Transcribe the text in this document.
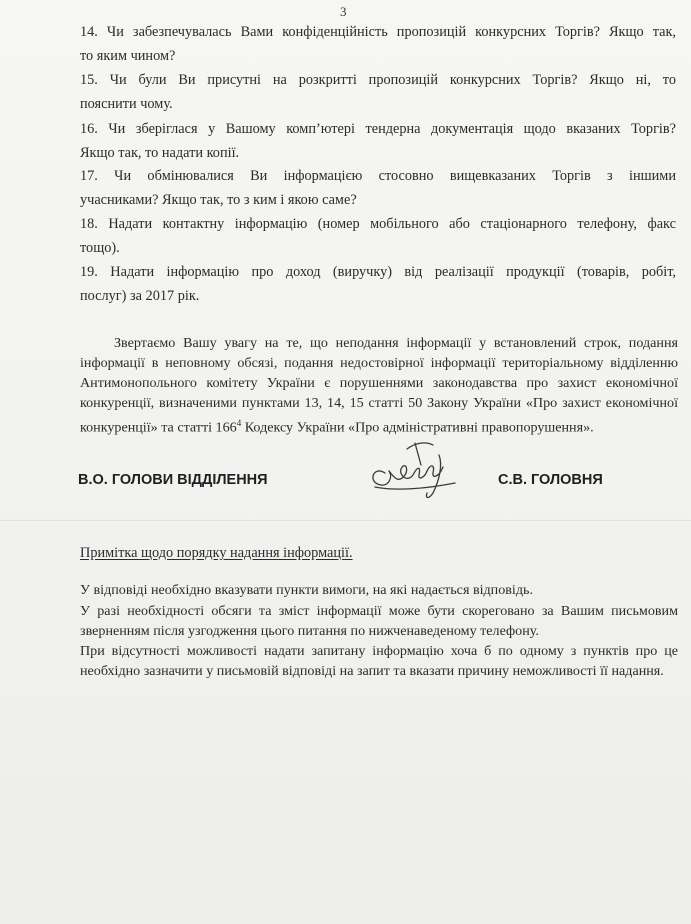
3
14. Чи забезпечувалась Вами конфіденційність пропозицій конкурсних Торгів? Якщо так,
то яким чином?
15. Чи були Ви присутні на розкритті пропозицій конкурсних Торгів? Якщо ні, то
пояснити чому.
16. Чи зберіглася у Вашому комп’ютері тендерна документація щодо вказаних Торгів?
Якщо так, то надати копії.
17. Чи обмінювалися Ви інформацією стосовно вищевказаних Торгів з іншими
учасниками? Якщо так, то з ким і якою саме?
18. Надати контактну інформацію (номер мобільного або стаціонарного телефону, факс
тощо).
19. Надати інформацію про доход (виручку) від реалізації продукції (товарів, робіт,
послуг) за 2017 рік.
Звертаємо Вашу увагу на те, що неподання інформації у встановлений строк, подання інформації в неповному обсязі, подання недостовірної інформації територіальному відділенню Антимонопольного комітету України є порушеннями законодавства про захист економічної конкуренції, визначеними пунктами 13, 14, 15 статті 50 Закону України «Про захист економічної конкуренції» та статті $166^4$ Кодексу України «Про адміністративні правопорушення».
В.О. ГОЛОВИ ВІДДІЛЕННЯ	С.В. ГОЛОВНЯ
Примітка щодо порядку надання інформації.
У відповіді необхідно вказувати пункти вимоги, на які надається відповідь.
У разі необхідності обсяги та зміст інформації може бути скореговано за Вашим письмовим зверненням після узгодження цього питання по нижченаведеному телефону.
При відсутності можливості надати запитану інформацію хоча б по одному з пунктів про це необхідно зазначити у письмовій відповіді на запит та вказати причину неможливості її надання.
